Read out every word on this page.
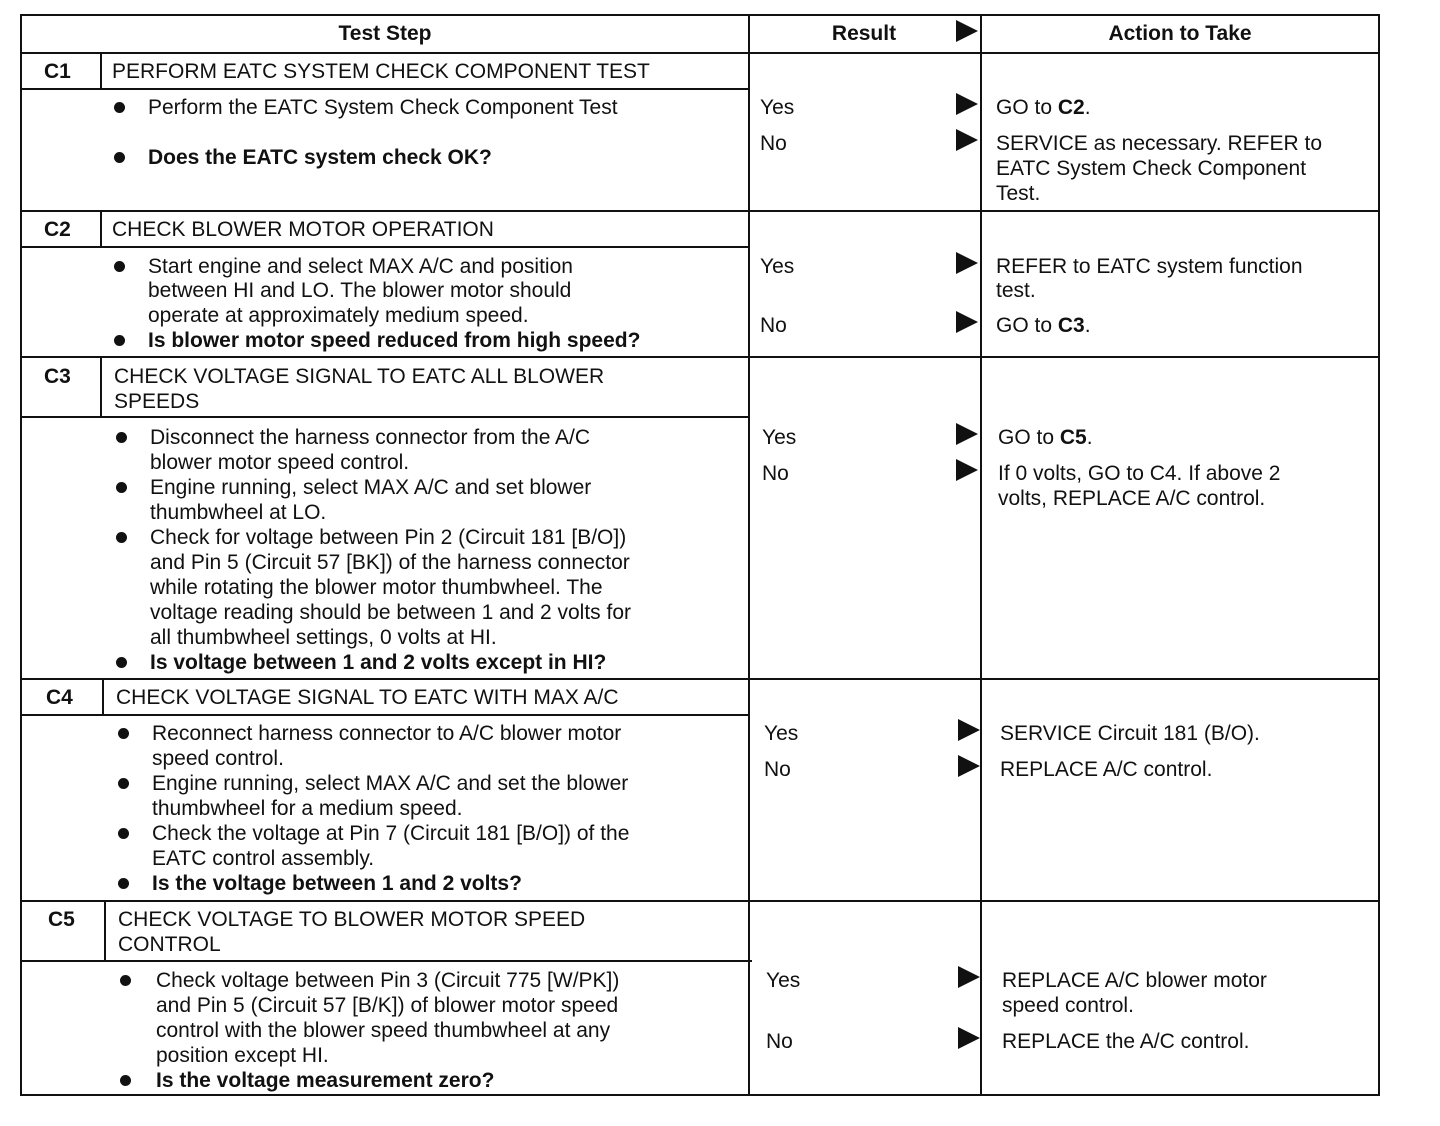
Test Step	Result	Action to Take
C1 PERFORM EATC SYSTEM CHECK COMPONENT TEST
Perform the EATC System Check Component Test
Does the EATC system check OK?
Yes	GO to C2.
No	SERVICE as necessary. REFER to
EATC System Check Component
Test.
C2 CHECK BLOWER MOTOR OPERATION
Start engine and select MAX A/C and position
between HI and LO. The blower motor should
operate at approximately medium speed.
Is blower motor speed reduced from high speed?
Yes	REFER to EATC system function
test.
No	GO to C3.
C3 CHECK VOLTAGE SIGNAL TO EATC ALL BLOWER
SPEEDS
Disconnect the harness connector from the A/C
blower motor speed control.
Engine running, select MAX A/C and set blower
thumbwheel at LO.
Check for voltage between Pin 2 (Circuit 181 [B/O])
and Pin 5 (Circuit 57 [BK]) of the harness connector
while rotating the blower motor thumbwheel. The
voltage reading should be between 1 and 2 volts for
all thumbwheel settings, 0 volts at HI.
Is voltage between 1 and 2 volts except in HI?
Yes	GO to C5.
No	If 0 volts, GO to C4. If above 2
volts, REPLACE A/C control.
C4 CHECK VOLTAGE SIGNAL TO EATC WITH MAX A/C
Reconnect harness connector to A/C blower motor
speed control.
Engine running, select MAX A/C and set the blower
thumbwheel for a medium speed.
Check the voltage at Pin 7 (Circuit 181 [B/O]) of the
EATC control assembly.
Is the voltage between 1 and 2 volts?
Yes	SERVICE Circuit 181 (B/O).
No	REPLACE A/C control.
C5 CHECK VOLTAGE TO BLOWER MOTOR SPEED
CONTROL
Check voltage between Pin 3 (Circuit 775 [W/PK])
and Pin 5 (Circuit 57 [B/K]) of blower motor speed
control with the blower speed thumbwheel at any
position except HI.
Is the voltage measurement zero?
Yes	REPLACE A/C blower motor
speed control.
No	REPLACE the A/C control.
